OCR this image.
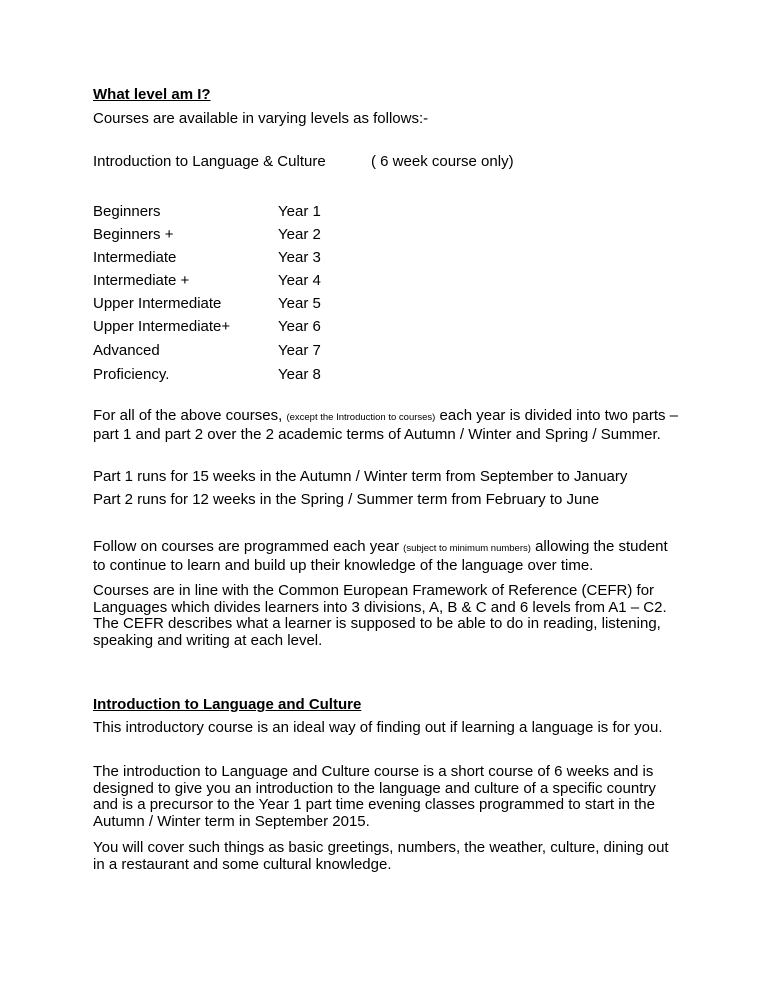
What level am I?
Courses are available in varying levels as follows:-
Introduction to Language & Culture	( 6 week course only)
Beginners	Year 1
Beginners +	Year 2
Intermediate	Year 3
Intermediate +	Year 4
Upper Intermediate	Year 5
Upper Intermediate+	Year 6
Advanced	Year 7
Proficiency.	Year 8
For all of the above courses, (except the Introduction to courses) each year is divided into two parts – part 1 and part 2 over the 2 academic terms of Autumn / Winter and Spring / Summer.
Part 1 runs for 15 weeks in the Autumn / Winter term from September to January
Part 2 runs for 12 weeks in the Spring / Summer term from February to June
Follow on courses are programmed each year (subject to minimum numbers) allowing the student to continue to learn and build up their knowledge of the language over time.
Courses are in line with the Common European Framework of Reference (CEFR) for Languages which divides learners into 3 divisions, A, B & C and 6 levels from A1 – C2. The CEFR describes what a learner is supposed to be able to do in reading, listening, speaking and writing at each level.
Introduction to Language and Culture
This introductory course is an ideal way of finding out if learning a language is for you.
The introduction to Language and Culture course is a short course of 6 weeks and is designed to give you an introduction to the language and culture of a specific country and is a precursor to the Year 1 part time evening classes programmed to start in the Autumn / Winter term in September 2015.
You will cover such things as basic greetings, numbers, the weather, culture, dining out in a restaurant and some cultural knowledge.
